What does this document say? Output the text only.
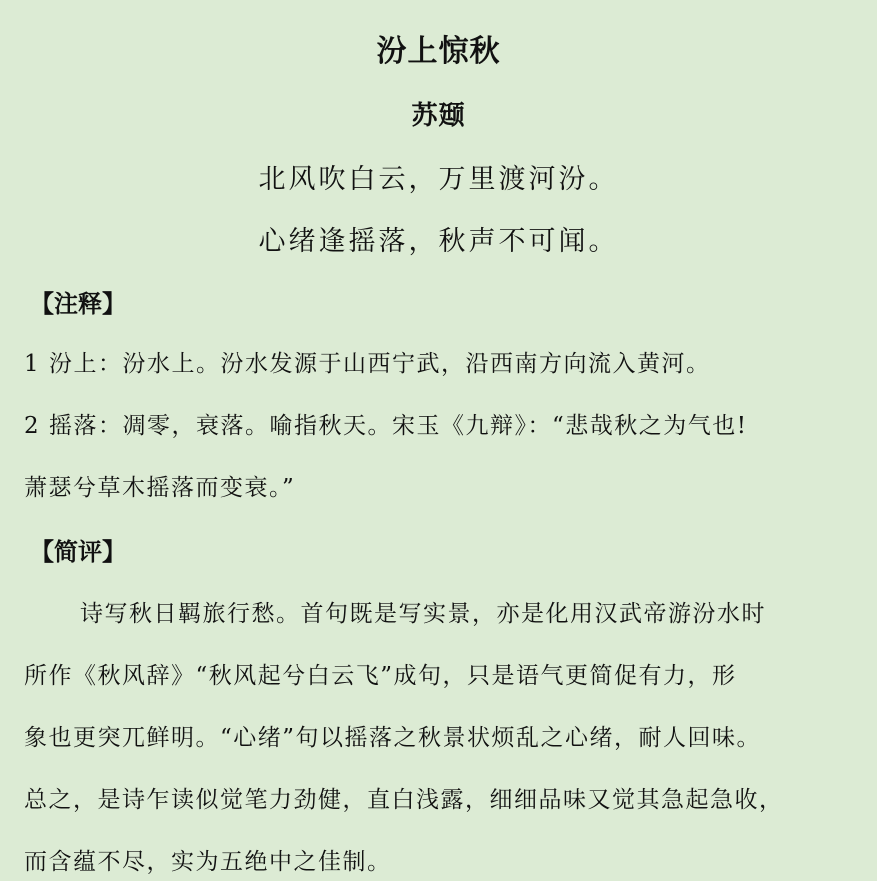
汾上惊秋
苏颋
北风吹白云，万里渡河汾。
心绪逢摇落，秋声不可闻。
【注释】
1 汾上：汾水上。汾水发源于山西宁武，沿西南方向流入黄河。
2 摇落：凋零，衰落。喻指秋天。宋玉《九辩》：“悲哉秋之为气也!
萧瑟兮草木摇落而变衰。”
【简评】
诗写秋日羁旅行愁。首句既是写实景，亦是化用汉武帝游汾水时
所作《秋风辞》“秋风起兮白云飞”成句，只是语气更简促有力，形
象也更突兀鲜明。“心绪”句以摇落之秋景状烦乱之心绪，耐人回味。
总之，是诗乍读似觉笔力劲健，直白浅露，细细品味又觉其急起急收，
而含蕴不尽，实为五绝中之佳制。
